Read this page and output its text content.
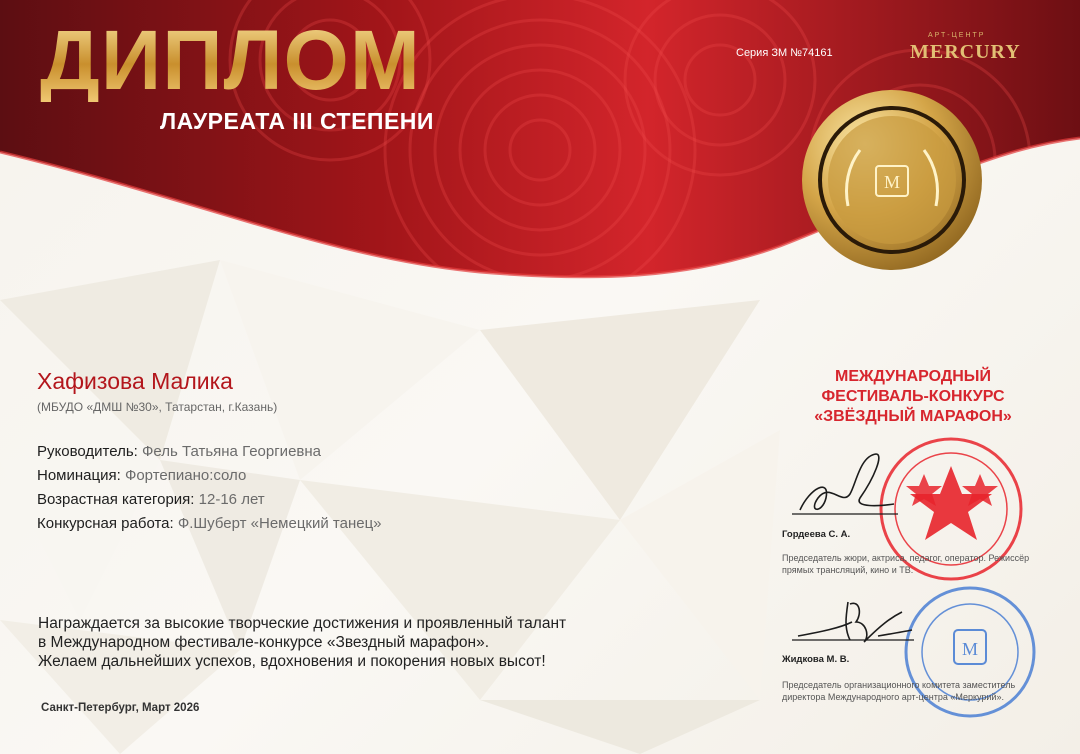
ДИПЛОМ
ЛАУРЕАТА III СТЕПЕНИ
Серия ЗМ №74161
АРТ-ЦЕНТР
MERCURY
M
Хафизова Малика
(МБУДО «ДМШ №30», Татарстан, г.Казань)
Руководитель: Фель Татьяна Георгиевна
Номинация: Фортепиано:соло
Возрастная категория: 12-16 лет
Конкурсная работа: Ф.Шуберт «Немецкий танец»
Награждается за высокие творческие достижения и проявленный талант
в Международном фестивале-конкурсе «Звездный марафон».
Желаем дальнейших успехов, вдохновения и покорения новых высот!
Санкт-Петербург, Март 2026
МЕЖДУНАРОДНЫЙ
ФЕСТИВАЛЬ-КОНКУРС
«ЗВЁЗДНЫЙ МАРАФОН»
Гордеева С. А.
Председатель жюри, актриса, педагог, оператор. Режиссёр прямых трансляций, кино и ТВ.
M
Жидкова М. В.
Председатель организационного комитета заместитель директора Международного арт-центра «Меркурий».
